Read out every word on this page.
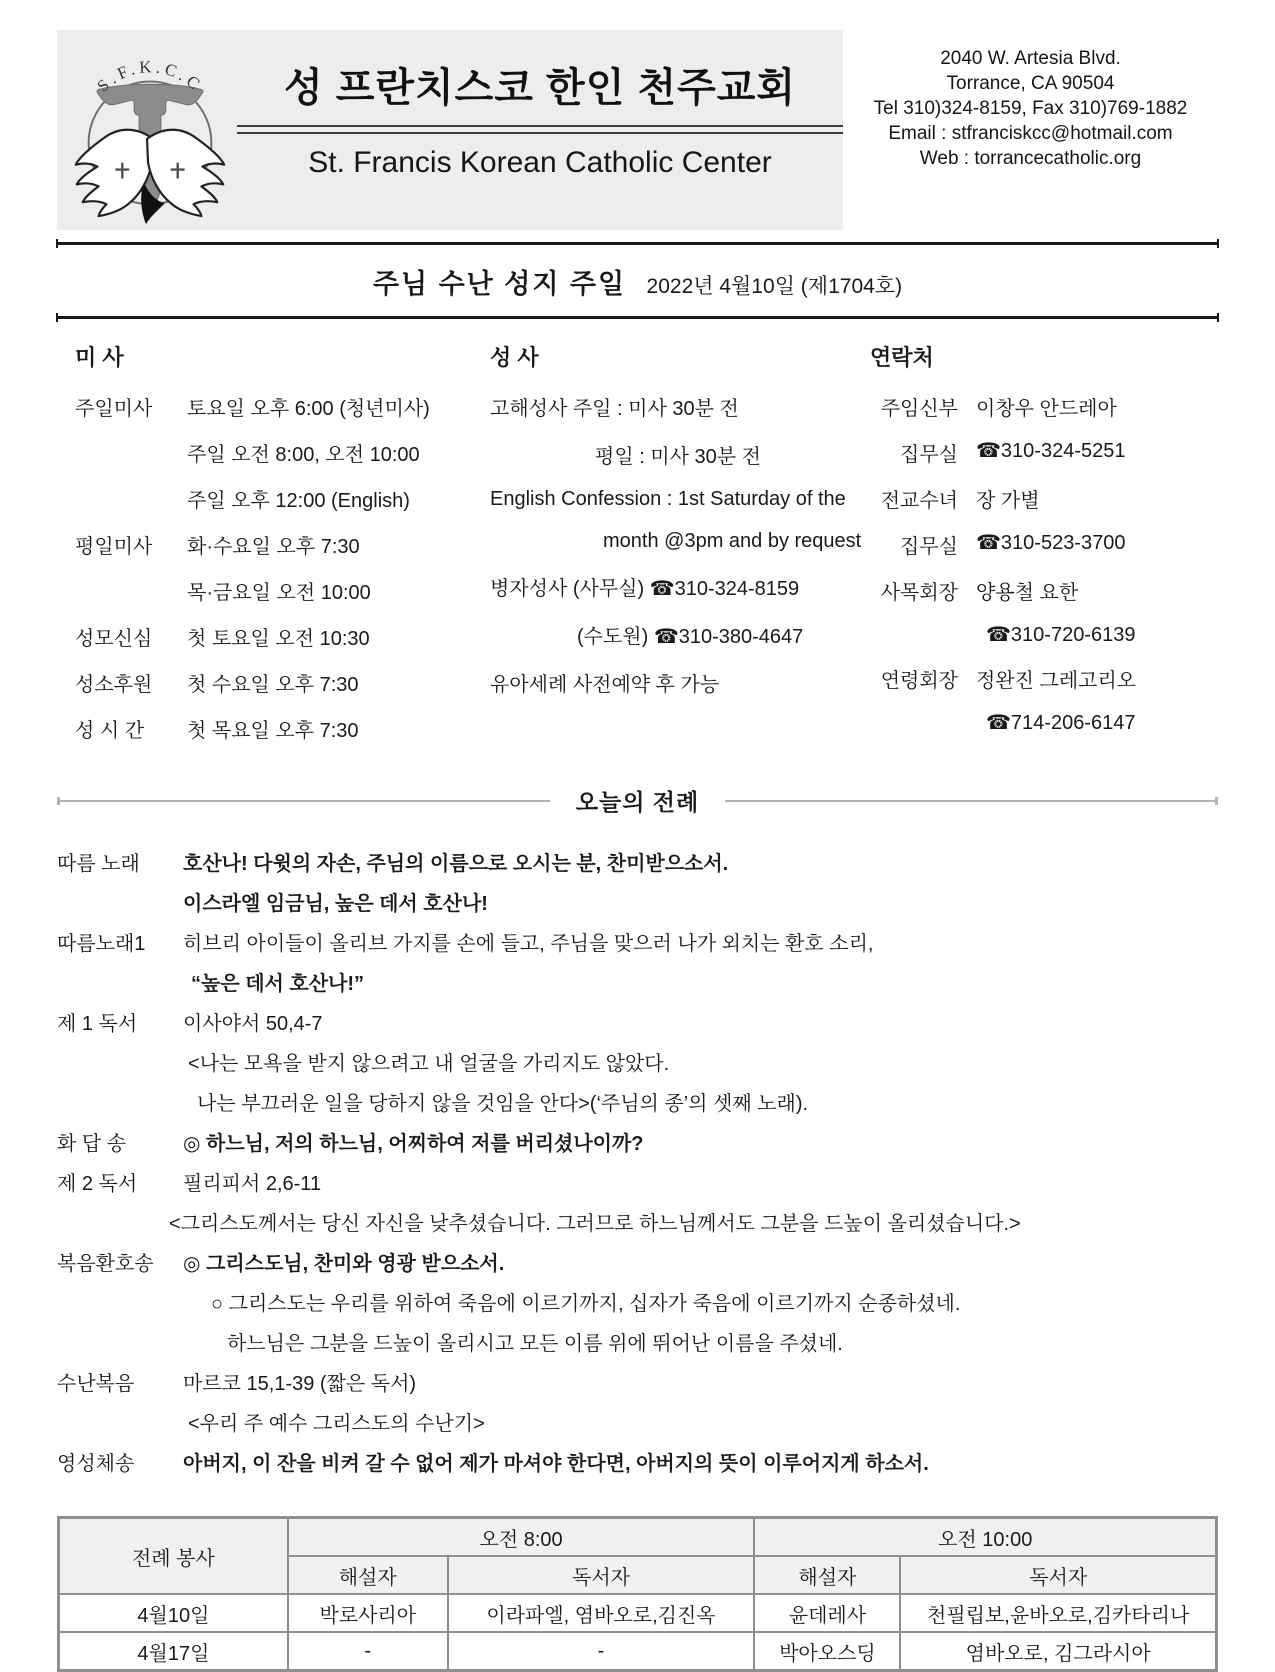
S.F.K.C.C	성 프란치스코 한인 천주교회
St. Francis Korean Catholic Center
2040 W. Artesia Blvd.
Torrance, CA 90504
Tel 310)324-8159, Fax 310)769-1882
Email : stfranciskcc@hotmail.com
Web : torrancecatholic.org
주님 수난 성지 주일 2022년 4월10일 (제1704호)
미 사
주일미사	토요일 오후 6:00 (청년미사)
주일 오전 8:00, 오전 10:00
주일 오후 12:00 (English)
평일미사	화·수요일 오후 7:30
목·금요일 오전 10:00
성모신심	첫 토요일 오전 10:30
성소후원	첫 수요일 오후 7:30
성 시 간	첫 목요일 오후 7:30
성 사
고해성사 주일 : 미사 30분 전
평일 : 미사 30분 전
English Confession : 1st Saturday of the
month @3pm and by request
병자성사 (사무실) ☎310-324-8159
(수도원) ☎310-380-4647
유아세례 사전예약 후 가능
연락처
주임신부 이창우 안드레아
집무실 ☎310-324-5251
전교수녀 장 가별
집무실 ☎310-523-3700
사목회장 양용철 요한
☎310-720-6139
연령회장 정완진 그레고리오
☎714-206-6147
오늘의 전례
따름 노래	호산나! 다윗의 자손, 주님의 이름으로 오시는 분, 찬미받으소서.
이스라엘 임금님, 높은 데서 호산나!
따름노래1	히브리 아이들이 올리브 가지를 손에 들고, 주님을 맞으러 나가 외치는 환호 소리,
“높은 데서 호산나!”
제 1 독서	이사야서 50,4-7
<나는 모욕을 받지 않으려고 내 얼굴을 가리지도 않았다.
나는 부끄러운 일을 당하지 않을 것임을 안다>(‘주님의 종’의 셋째 노래).
화 답 송	◎ 하느님, 저의 하느님, 어찌하여 저를 버리셨나이까?
제 2 독서	필리피서 2,6-11
<그리스도께서는 당신 자신을 낮추셨습니다. 그러므로 하느님께서도 그분을 드높이 올리셨습니다.>
복음환호송	◎ 그리스도님, 찬미와 영광 받으소서.
○ 그리스도는 우리를 위하여 죽음에 이르기까지, 십자가 죽음에 이르기까지 순종하셨네.
하느님은 그분을 드높이 올리시고 모든 이름 위에 뛰어난 이름을 주셨네.
수난복음	마르코 15,1-39 (짧은 독서)
<우리 주 예수 그리스도의 수난기>
영성체송	아버지, 이 잔을 비켜 갈 수 없어 제가 마셔야 한다면, 아버지의 뜻이 이루어지게 하소서.
전례 봉사	오전 8:00		오전 10:00	
	해설자	독서자	해설자	독서자
4월10일	박로사리아	이라파엘, 염바오로,김진옥	윤데레사	천필립보,윤바오로,김카타리나
4월17일	-	-	박아오스딩	염바오로, 김그라시아
